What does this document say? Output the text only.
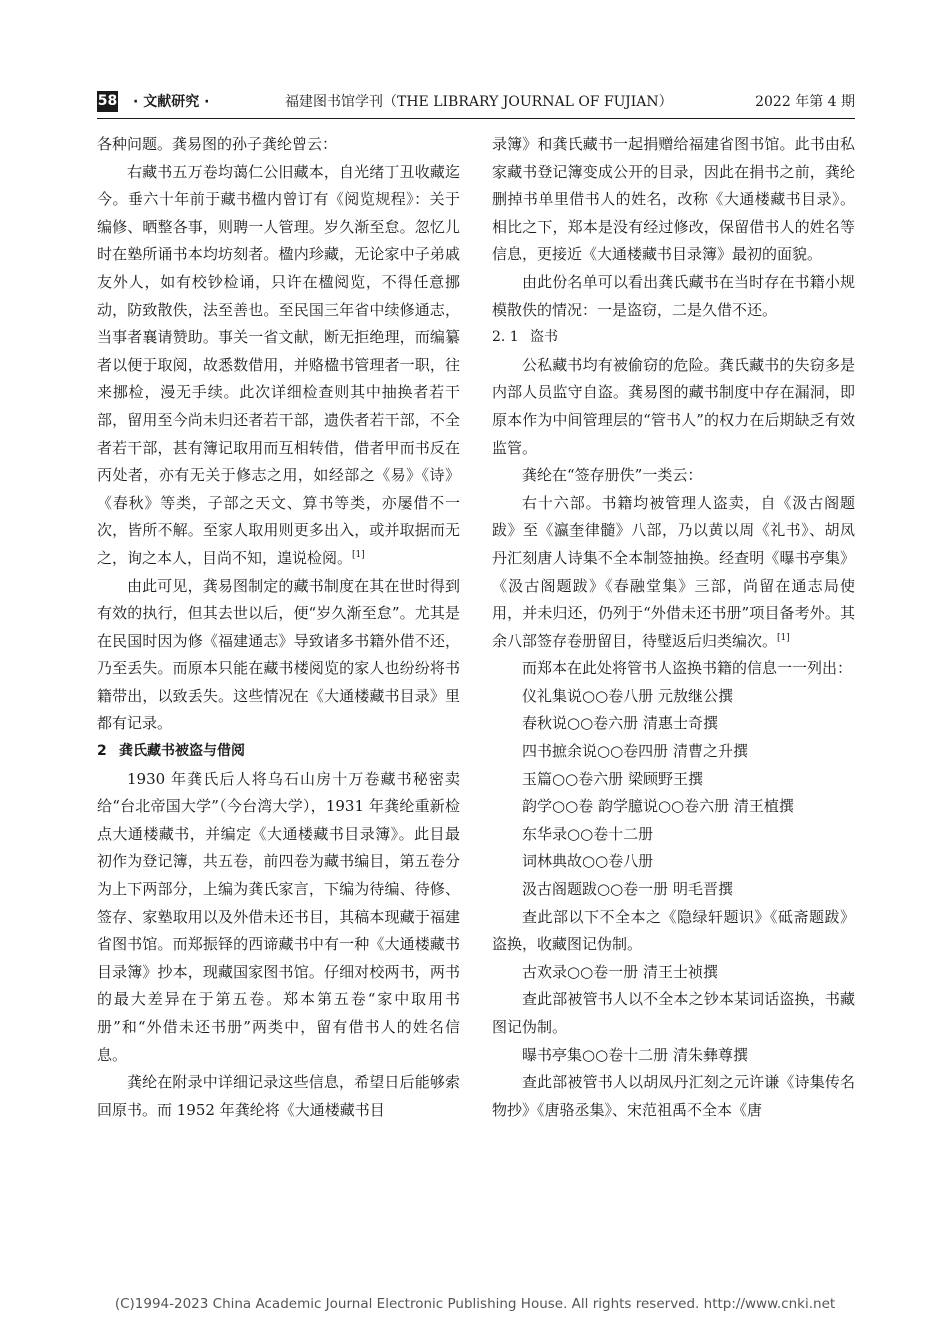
58 · 文献研究 ·	福建图书馆学刊（THE LIBRARY JOURNAL OF FUJIAN）	2022 年第 4 期

各种问题。龚易图的孙子龚纶曾云：

右藏书五万卷均蔼仁公旧藏本，自光绪丁丑收藏迄今。垂六十年前于藏书楹内曾订有《阅览规程》：关于编修、晒整各事，则聘一人管理。岁久渐至怠。忽忆儿时在塾所诵书本均坊刻者。楹内珍藏，无论家中子弟戚友外人，如有校钞检诵，只许在楹阅览，不得任意挪动，防致散佚，法至善也。至民国三年省中续修通志，当事者襄请赞助。事关一省文献，断无拒绝理，而编纂者以便于取阅，故悉数借用，并赂楹书管理者一职，往来挪检，漫无手续。此次详细检查则其中抽换者若干部，留用至今尚未归还者若干部，遗佚者若干部，不全者若干部，甚有簿记取用而互相转借，借者甲而书反在丙处者，亦有无关于修志之用，如经部之《易》《诗》《春秋》等类，子部之天文、算书等类，亦屡借不一次，皆所不解。至家人取用则更多出入，或并取据而无之，询之本人，目尚不知，遑说检阅。[1]

由此可见，龚易图制定的藏书制度在其在世时得到有效的执行，但其去世以后，便“岁久渐至怠”。尤其是在民国时因为修《福建通志》导致诸多书籍外借不还，乃至丢失。而原本只能在藏书楼阅览的家人也纷纷将书籍带出，以致丢失。这些情况在《大通楼藏书目录》里都有记录。

2 龚氏藏书被盗与借阅

1930 年龚氏后人将乌石山房十万卷藏书秘密卖给“台北帝国大学”（今台湾大学），1931 年龚纶重新检点大通楼藏书，并编定《大通楼藏书目录簿》。此目最初作为登记簿，共五卷，前四卷为藏书编目，第五卷分为上下两部分，上编为龚氏家言，下编为待编、待修、签存、家塾取用以及外借未还书目，其稿本现藏于福建省图书馆。而郑振铎的西谛藏书中有一种《大通楼藏书目录簿》抄本，现藏国家图书馆。仔细对校两书，两书的最大差异在于第五卷。郑本第五卷“家中取用书册”和“外借未还书册”两类中，留有借书人的姓名信息。

龚纶在附录中详细记录这些信息，希望日后能够索回原书。而 1952 年龚纶将《大通楼藏书目

录簿》和龚氏藏书一起捐赠给福建省图书馆。此书由私家藏书登记簿变成公开的目录，因此在捐书之前，龚纶删掉书单里借书人的姓名，改称《大通楼藏书目录》。相比之下，郑本是没有经过修改，保留借书人的姓名等信息，更接近《大通楼藏书目录簿》最初的面貌。

由此份名单可以看出龚氏藏书在当时存在书籍小规模散佚的情况：一是盗窃，二是久借不还。

2. 1 盗书

公私藏书均有被偷窃的危险。龚氏藏书的失窃多是内部人员监守自盗。龚易图的藏书制度中存在漏洞，即原本作为中间管理层的“管书人”的权力在后期缺乏有效监管。

龚纶在“签存册佚”一类云：

右十六部。书籍均被管理人盗卖，自《汲古阁题跋》至《瀛奎律髓》八部，乃以黄以周《礼书》、胡凤丹汇刻唐人诗集不全本制签抽换。经查明《曝书亭集》《汲古阁题跋》《春融堂集》三部，尚留在通志局使用，并未归还，仍列于“外借未还书册”项目备考外。其余八部签存卷册留目，待璧返后归类编次。[1]

而郑本在此处将管书人盗换书籍的信息一一列出：

仪礼集说○○卷八册 元敖继公撰

春秋说○○卷六册 清惠士奇撰

四书摭余说○○卷四册 清曹之升撰

玉篇○○卷六册 梁顾野王撰

韵学○○卷 韵学臆说○○卷六册 清王植撰

东华录○○卷十二册

词林典故○○卷八册

汲古阁题跋○○卷一册 明毛晋撰

查此部以下不全本之《隐绿轩题识》《砥斋题跋》盗换，收藏图记伪制。

古欢录○○卷一册 清王士祯撰

查此部被管书人以不全本之钞本某词话盗换，书藏图记伪制。

曝书亭集○○卷十二册 清朱彝尊撰

查此部被管书人以胡凤丹汇刻之元许谦《诗集传名物抄》《唐骆丞集》、宋范祖禹不全本《唐

(C)1994-2023 China Academic Journal Electronic Publishing House. All rights reserved. http://www.cnki.net
